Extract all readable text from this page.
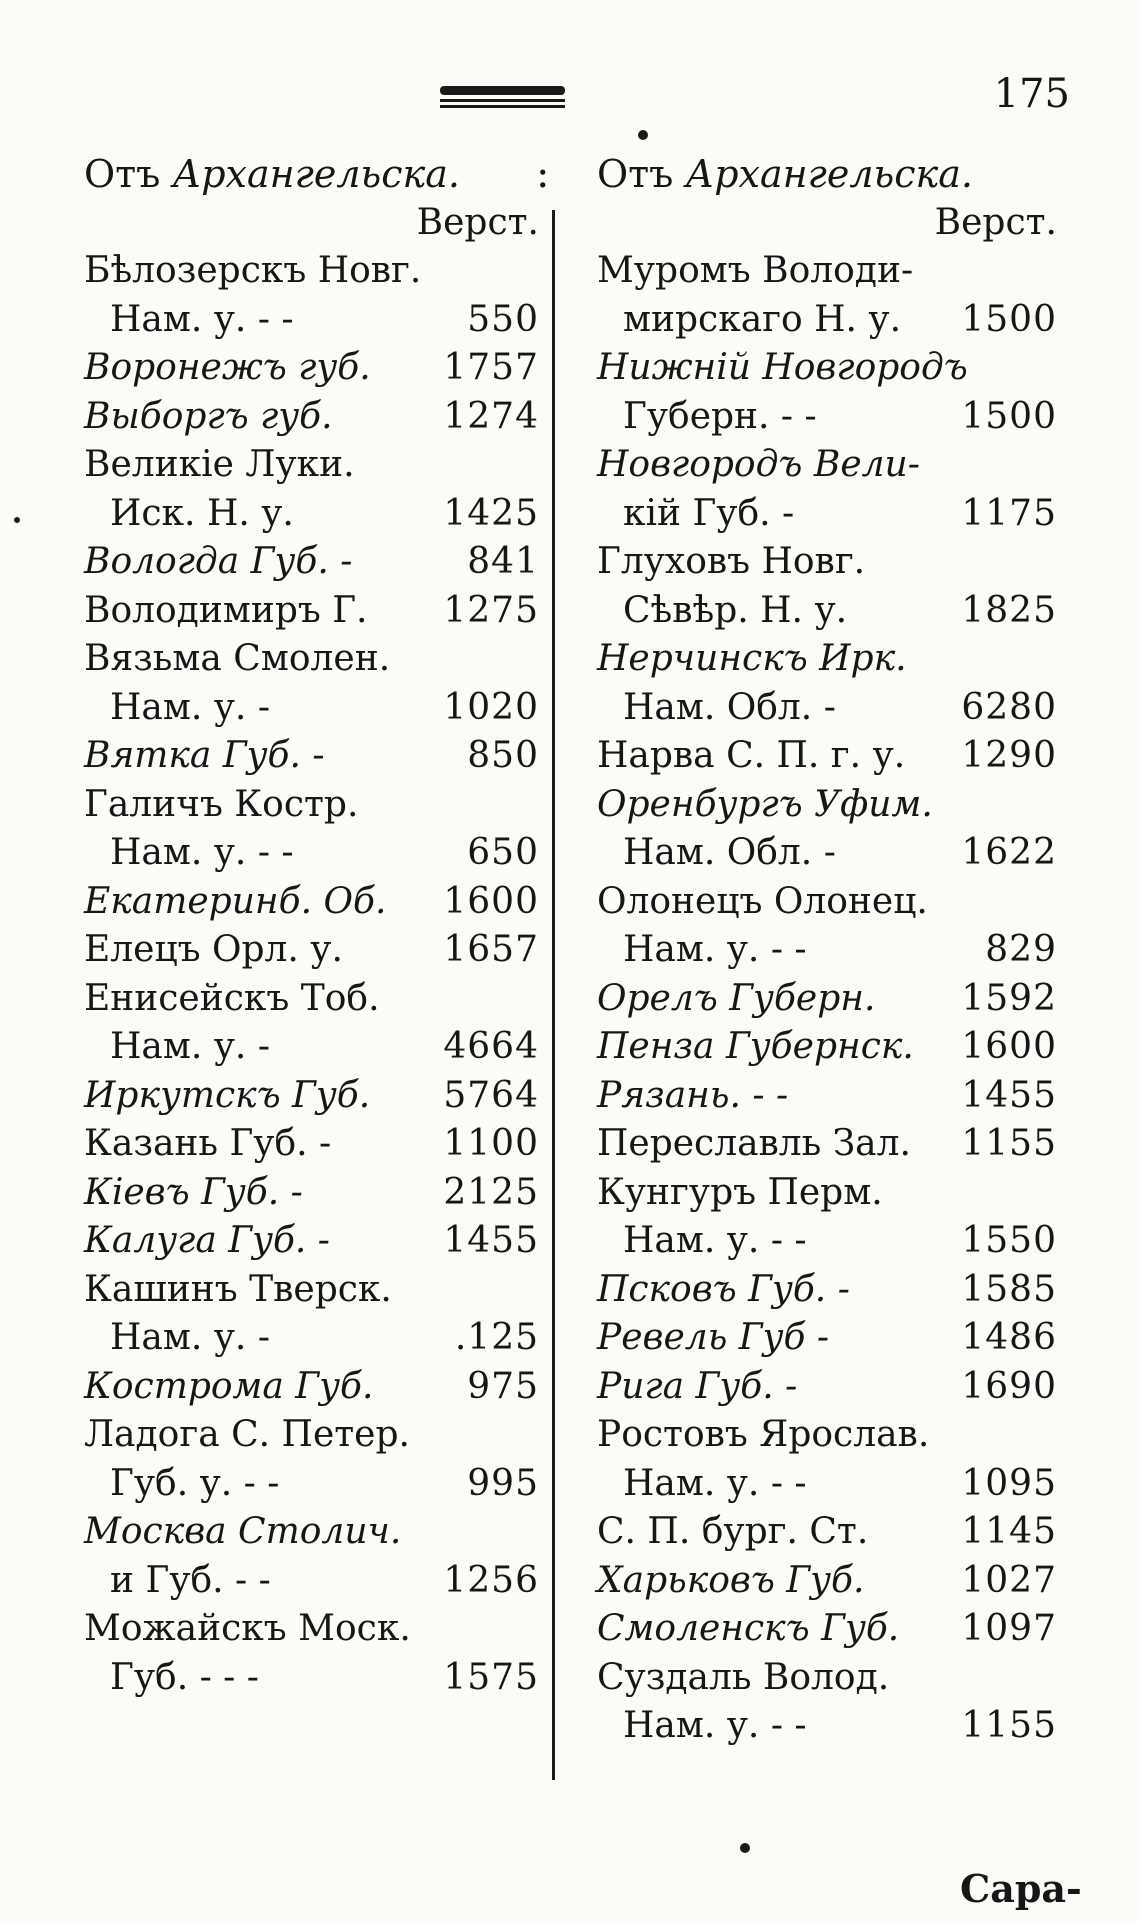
175
:
Отъ Архангельска.
Верст.
Бѣлозерскъ Новг.
Нам. у. - -	550
Воронежъ губ. 1757
Выборгъ губ.	1274
Великіе Луки.
Иск. Н. у.	1425
Вологда Губ. -	841
Володимиръ Г. 1275
Вязьма Смолен.
Нам. у. -	1020
Вятка Губ. -	850
Галичъ Костр.
Нам. у. - -	650
Екатеринб. Об. 1600
Елецъ Орл. у.	1657
Енисейскъ Тоб.
Нам. у. -	4664
Иркутскъ Губ. 5764
Казань Губ. -	1100
Кіевъ Губ. -	2125
Калуга Губ. -	1455
Кашинъ Тверск.
Нам. у. -	.125
Кострома Губ.	975
Ладога С. Петер.
Губ. у. - -	995
Москва Столич.
и Губ. - -	1256
Можайскъ Моск.
Губ. - - -	1575
Отъ Архангельска.
Верст.
Муромъ Володи-
мирскаго Н. у. 1500
Нижній Новгородъ
Губерн. - -	1500
Новгородъ Вели-
кій Губ. -	1175
Глуховъ Новг.
Сѣвѣр. Н. у.	1825
Нерчинскъ Ирк.
Нам. Обл. -	6280
Нарва С. П. г. у. 1290
Оренбургъ Уфим.
Нам. Обл. -	1622
Олонецъ Олонец.
Нам. у. - -	829
Орелъ Губерн. 1592
Пенза Губернск. 1600
Рязань. - -	1455
Переславль Зал. 1155
Кунгуръ Перм.
Нам. у. - -	1550
Псковъ Губ. -	1585
Ревель Губ -	1486
Рига Губ. -	1690
Ростовъ Ярослав.
Нам. у. - -	1095
С. П. бург. Ст.	1145
Харьковъ Губ.	1027
Смоленскъ Губ. 1097
Суздаль Волод.
Нам. у. - -	1155
Сара-
